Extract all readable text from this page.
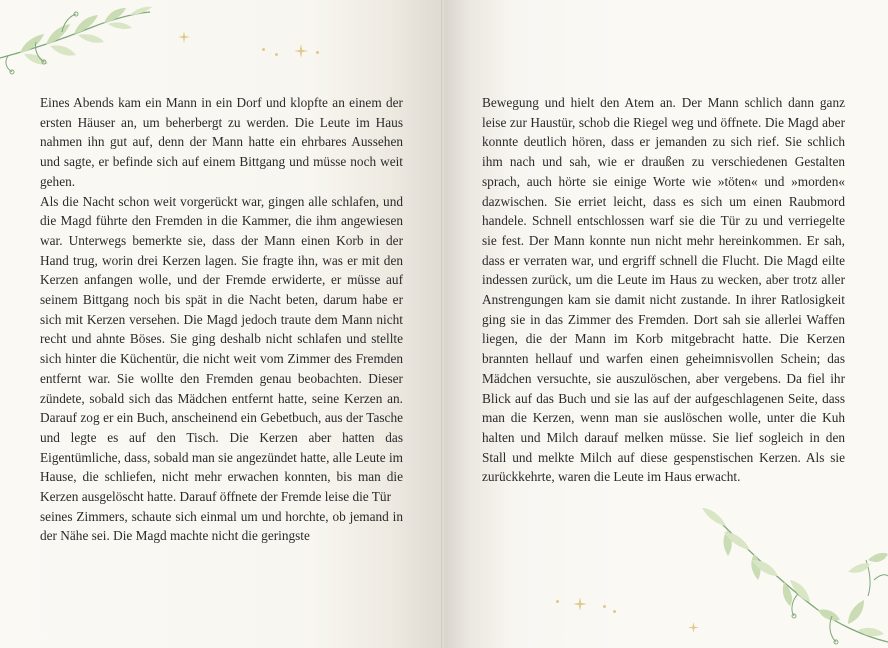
Eines Abends kam ein Mann in ein Dorf und klopfte an einem der ersten Häuser an, um beherbergt zu werden. Die Leute im Haus nahmen ihn gut auf, denn der Mann hatte ein ehrbares Aussehen und sagte, er befinde sich auf einem Bittgang und müsse noch weit gehen.

Als die Nacht schon weit vorgerückt war, gingen alle schlafen, und die Magd führte den Fremden in die Kammer, die ihm angewiesen war. Unterwegs bemerkte sie, dass der Mann einen Korb in der Hand trug, worin drei Kerzen lagen. Sie fragte ihn, was er mit den Kerzen anfangen wolle, und der Fremde erwiderte, er müsse auf seinem Bittgang noch bis spät in die Nacht beten, darum habe er sich mit Kerzen versehen. Die Magd jedoch traute dem Mann nicht recht und ahnte Böses. Sie ging deshalb nicht schlafen und stellte sich hinter die Küchentür, die nicht weit vom Zimmer des Fremden entfernt war. Sie wollte den Fremden genau beobachten. Dieser zündete, sobald sich das Mädchen entfernt hatte, seine Kerzen an. Darauf zog er ein Buch, anscheinend ein Gebetbuch, aus der Tasche und legte es auf den Tisch. Die Kerzen aber hatten das Eigentümliche, dass, sobald man sie angezündet hatte, alle Leute im Hause, die schliefen, nicht mehr erwachen konnten, bis man die Kerzen ausgelöscht hatte. Darauf öffnete der Fremde leise die Tür

seines Zimmers, schaute sich einmal um und horchte, ob jemand in der Nähe sei. Die Magd machte nicht die geringste

Bewegung und hielt den Atem an. Der Mann schlich dann ganz leise zur Haustür, schob die Riegel weg und öffnete. Die Magd aber konnte deutlich hören, dass er jemanden zu sich rief. Sie schlich ihm nach und sah, wie er draußen zu verschiedenen Gestalten sprach, auch hörte sie einige Worte wie »töten« und »morden« dazwischen. Sie erriet leicht, dass es sich um einen Raubmord handele. Schnell entschlossen warf sie die Tür zu und verriegelte sie fest. Der Mann konnte nun nicht mehr hereinkommen. Er sah, dass er verraten war, und ergriff schnell die Flucht. Die Magd eilte indessen zurück, um die Leute im Haus zu wecken, aber trotz aller Anstrengungen kam sie damit nicht zustande. In ihrer Ratlosigkeit ging sie in das Zimmer des Fremden. Dort sah sie allerlei Waffen liegen, die der Mann im Korb mitgebracht hatte. Die Kerzen brannten hellauf und warfen einen geheimnisvollen Schein; das Mädchen versuchte, sie auszulöschen, aber vergebens. Da fiel ihr Blick auf das Buch und sie las auf der aufgeschlagenen Seite, dass man die Kerzen, wenn man sie auslöschen wolle, unter die Kuh halten und Milch darauf melken müsse. Sie lief sogleich in den Stall und melkte Milch auf diese gespenstischen Kerzen. Als sie zurückkehrte, waren die Leute im Haus erwacht.
